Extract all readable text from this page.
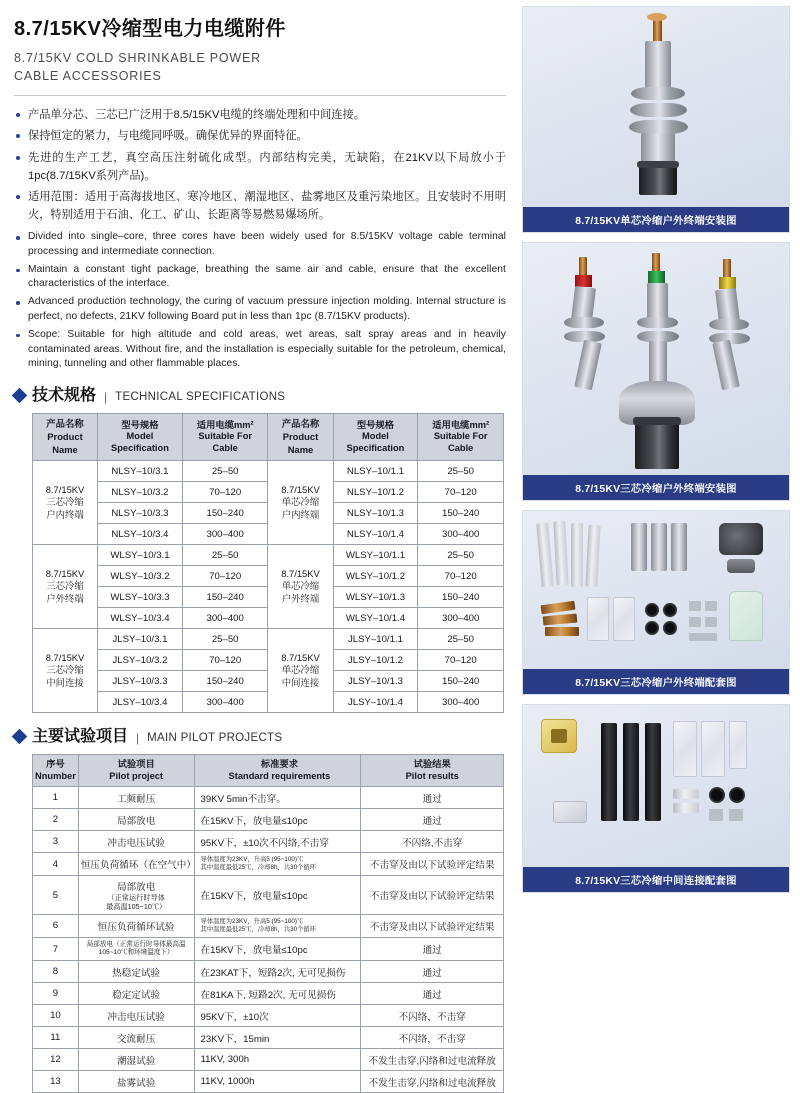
8.7/15KV冷缩型电力电缆附件
8.7/15KV COLD SHRINKABLE POWER
CABLE ACCESSORIES
产品单分芯、三芯已广泛用于8.5/15KV电缆的终端处理和中间连接。
保持恒定的紧力，与电缆同呼吸。确保优异的界面特征。
先进的生产工艺，真空高压注射硫化成型。内部结构完美，无缺陷，在21KV以下局放小于1pc(8.7/15KV系列产品)。
适用范围：适用于高海拔地区、寒冷地区、潮湿地区、盐雾地区及重污染地区。且安装时不用明火，特别适用于石油、化工、矿山、长距离等易燃易爆场所。
Divided into single–core, three cores have been widely used for 8.5/15KV voltage cable terminal processing and intermediate connection.
Maintain a constant tight package, breathing the same air and cable, ensure that the excellent characteristics of the interface.
Advanced production technology, the curing of vacuum pressure injection molding. Internal structure is perfect, no defects, 21KV following Board put in less than 1pc (8.7/15KV products).
Scope: Suitable for high altitude and cold areas, wet areas, salt spray areas and in heavily contaminated areas. Without fire, and the installation is especially suitable for the petroleum, chemical, mining, tunneling and other flammable places.
技术规格 | TECHNICAL SPECIFICATIONS
产品名称
Product Name	型号规格
Model Specification	适用电缆mm²
Suitable For Cable	产品名称
Product Name	型号规格
Model Specification	适用电缆mm²
Suitable For Cable
8.7/15KV
三芯冷缩
户内终端	NLSY–10/3.1	25–50	8.7/15KV
单芯冷缩
户内终端	NLSY–10/1.1	25–50
	NLSY–10/3.2	70–120		NLSY–10/1.2	70–120
	NLSY–10/3.3	150–240		NLSY–10/1.3	150–240
	NLSY–10/3.4	300–400		NLSY–10/1.4	300–400
8.7/15KV
三芯冷缩
户外终端	WLSY–10/3.1	25–50	8.7/15KV
单芯冷缩
户外终端	WLSY–10/1.1	25–50
	WLSY–10/3.2	70–120		WLSY–10/1.2	70–120
	WLSY–10/3.3	150–240		WLSY–10/1.3	150–240
	WLSY–10/3.4	300–400		WLSY–10/1.4	300–400
8.7/15KV
三芯冷缩
中间连接	JLSY–10/3.1	25–50	8.7/15KV
单芯冷缩
中间连接	JLSY–10/1.1	25–50
	JLSY–10/3.2	70–120		JLSY–10/1.2	70–120
	JLSY–10/3.3	150–240		JLSY–10/1.3	150–240
	JLSY–10/3.4	300–400		JLSY–10/1.4	300–400
主要试验项目 | MAIN PILOT PROJECTS
序号
Nnumber	试验项目
Pilot project	标准要求
Standard requirements	试验结果
Pilot results
1	工频耐压	39KV 5min不击穿。	通过
2	局部放电	在15KV下，放电量≤10pc	通过
3	冲击电压试验	95KV下，±10次不闪络,不击穿	不闪络,不击穿
4	恒压负荷循环（在空气中）	导体温度为23KV，升高5 (95~100)℃
其中温度最低25℃，冷却8h，共30个循环	不击穿及由以下试验评定结果
5	局部放电
（正常运行时导体
最高温105~10℃）	在15KV下，放电量≤10pc	不击穿及由以下试验评定结果
6	恒压负荷循环试验	导体温度为23KV，升高5 (95~100)℃
其中温度最低25℃，冷却8h，共30个循环	不击穿及由以下试验评定结果
7	局部放电（正常运行时导体最高温105~10℃和环境温度下）	在15KV下，放电量≤10pc	通过
8	热稳定试验	在23KAT下，短路2次, 无可见损伤	通过
9	稳定定试验	在81KA下, 短路2次, 无可见损伤	通过
10	冲击电压试验	95KV下，±10次	不闪络，不击穿
11	交流耐压	23KV下，15min	不闪络，不击穿
12	潮湿试验	11KV, 300h	不发生击穿,闪络和过电流释放
13	盐雾试验	11KV, 1000h	不发生击穿,闪络和过电流释放
8.7/15KV单芯冷缩户外终端安装图
8.7/15KV三芯冷缩户外终端安装图
8.7/15KV三芯冷缩户外终端配套图
8.7/15KV三芯冷缩中间连接配套图
